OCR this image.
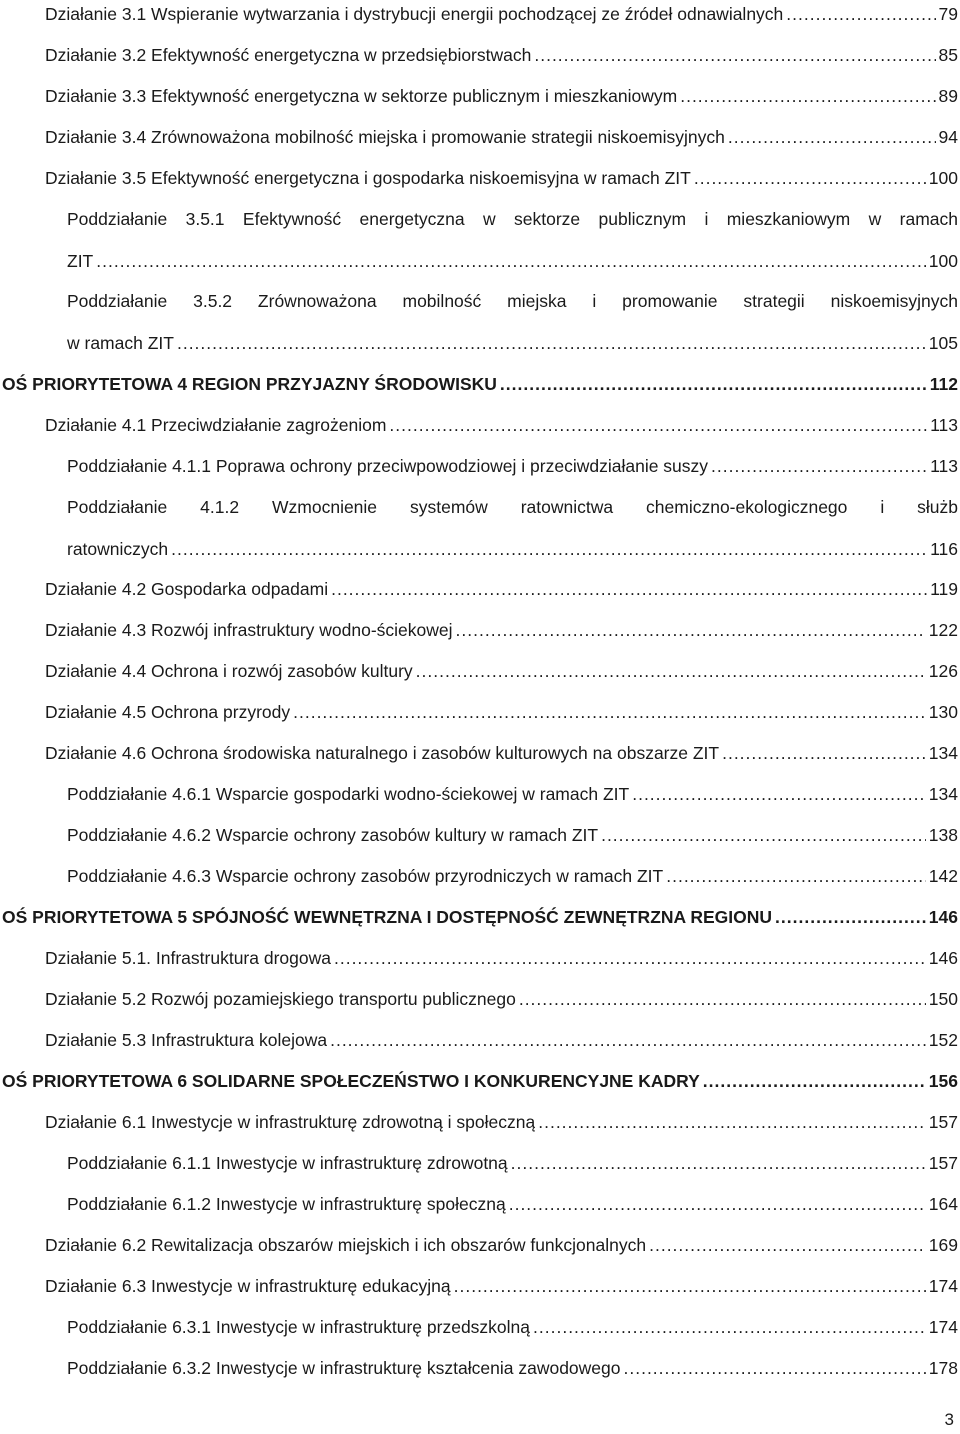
Działanie 3.1 Wspieranie wytwarzania i dystrybucji energii pochodzącej ze źródeł odnawialnych .....	79
Działanie 3.2 Efektywność energetyczna w przedsiębiorstwach .....	85
Działanie 3.3 Efektywność energetyczna w sektorze publicznym i mieszkaniowym .....	89
Działanie 3.4 Zrównoważona mobilność miejska i promowanie strategii niskoemisyjnych .....	94
Działanie 3.5 Efektywność energetyczna i gospodarka niskoemisyjna w ramach ZIT .....	100
Poddziałanie 3.5.1 Efektywność energetyczna w sektorze publicznym i mieszkaniowym w ramach
ZIT .....	100
Poddziałanie 3.5.2 Zrównoważona mobilność miejska i promowanie strategii niskoemisyjnych
w ramach ZIT .....	105
OŚ PRIORYTETOWA 4 REGION PRZYJAZNY ŚRODOWISKU .....	112
Działanie 4.1 Przeciwdziałanie zagrożeniom .....	113
Poddziałanie 4.1.1 Poprawa ochrony przeciwpowodziowej i przeciwdziałanie suszy .....	113
Poddziałanie 4.1.2 Wzmocnienie systemów ratownictwa chemiczno-ekologicznego i służb
ratowniczych .....	116
Działanie 4.2 Gospodarka odpadami .....	119
Działanie 4.3 Rozwój infrastruktury wodno-ściekowej .....	122
Działanie 4.4 Ochrona i rozwój zasobów kultury .....	126
Działanie 4.5 Ochrona przyrody .....	130
Działanie 4.6 Ochrona środowiska naturalnego i zasobów kulturowych na obszarze ZIT .....	134
Poddziałanie 4.6.1 Wsparcie gospodarki wodno-ściekowej w ramach ZIT .....	134
Poddziałanie 4.6.2 Wsparcie ochrony zasobów kultury w ramach ZIT .....	138
Poddziałanie 4.6.3 Wsparcie ochrony zasobów przyrodniczych w ramach ZIT .....	142
OŚ PRIORYTETOWA 5 SPÓJNOŚĆ WEWNĘTRZNA I DOSTĘPNOŚĆ ZEWNĘTRZNA REGIONU .....	146
Działanie 5.1. Infrastruktura drogowa .....	146
Działanie 5.2 Rozwój pozamiejskiego transportu publicznego .....	150
Działanie 5.3 Infrastruktura kolejowa .....	152
OŚ PRIORYTETOWA 6 SOLIDARNE SPOŁECZEŃSTWO I KONKURENCYJNE KADRY .....	156
Działanie 6.1 Inwestycje w infrastrukturę zdrowotną i społeczną .....	157
Poddziałanie 6.1.1 Inwestycje w infrastrukturę zdrowotną .....	157
Poddziałanie 6.1.2 Inwestycje w infrastrukturę społeczną .....	164
Działanie 6.2 Rewitalizacja obszarów miejskich i ich obszarów funkcjonalnych .....	169
Działanie 6.3 Inwestycje w infrastrukturę edukacyjną .....	174
Poddziałanie 6.3.1 Inwestycje w infrastrukturę przedszkolną .....	174
Poddziałanie 6.3.2 Inwestycje w infrastrukturę kształcenia zawodowego .....	178
3
